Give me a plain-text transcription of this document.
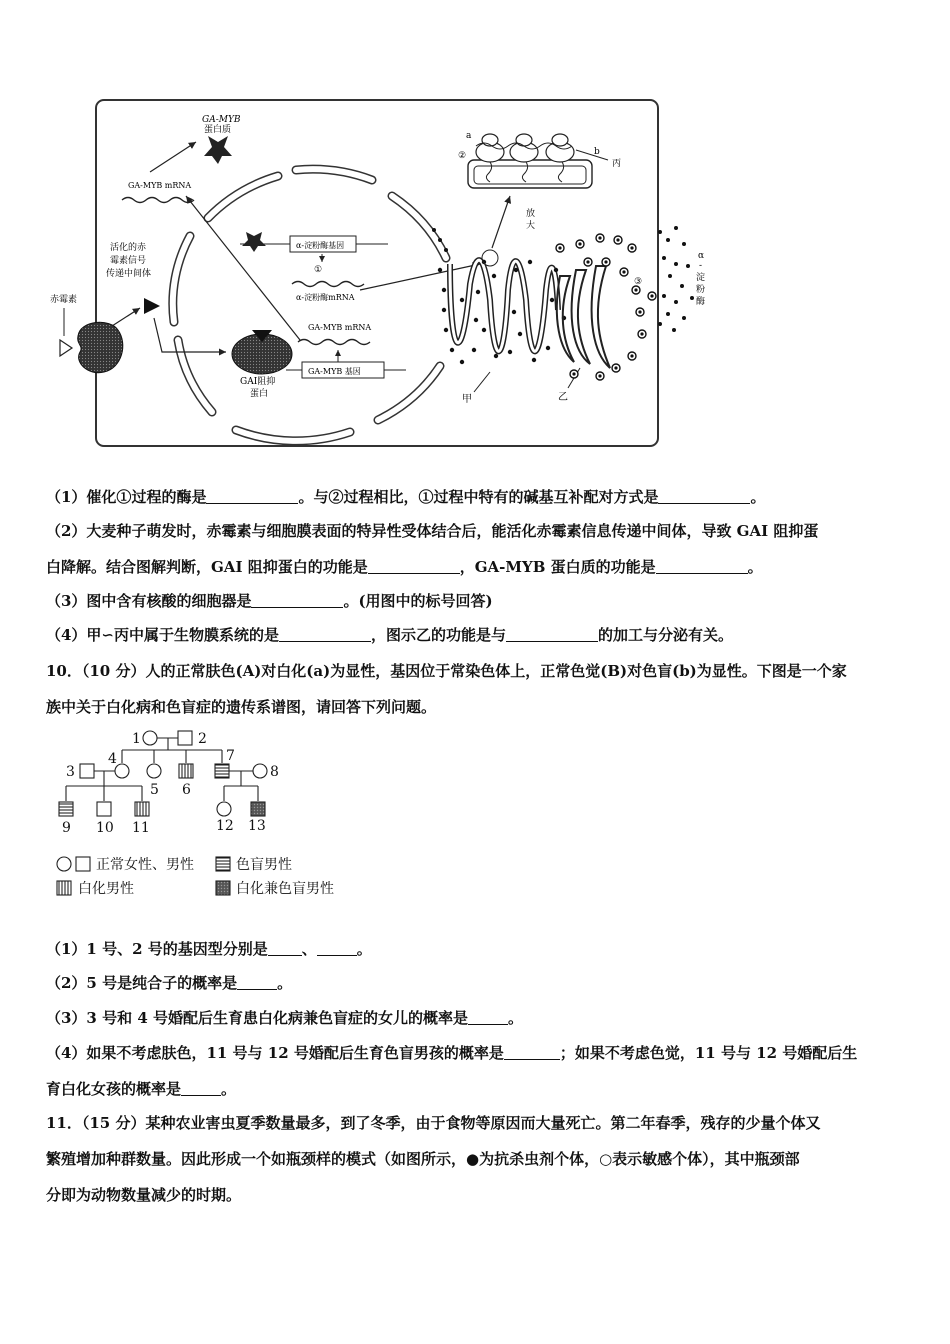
GA-MYB
蛋白质
GA-MYB mRNA
活化的赤
霉素信号
传递中间体
赤霉素
GAI阻抑
蛋白
α-淀粉酶基因
①
α-淀粉酶mRNA
GA-MYB mRNA
GA-MYB 基因
甲	乙
③
α
-
淀
粉
酶
放
大
a
b
②
丙
（1）催化①过程的酶是	。与②过程相比，①过程中特有的碱基互补配对方式是	。
（2）大麦种子萌发时，赤霉素与细胞膜表面的特异性受体结合后，能活化赤霉素信息传递中间体，导致 GAI 阻抑蛋
白降解。结合图解判断，GAI 阻抑蛋白的功能是	，GA-MYB 蛋白质的功能是	。
（3）图中含有核酸的细胞器是	。(用图中的标号回答)
（4）甲∽丙中属于生物膜系统的是	，图示乙的功能是与	的加工与分泌有关。
10．（10 分）人的正常肤色(A)对白化(a)为显性，基因位于常染色体上，正常色觉(B)对色盲(b)为显性。下图是一个家
族中关于白化病和色盲症的遗传系谱图，请回答下列问题。
1	2
3
4
5 6
7
8
9 10 11	12 13
正常女性、男性	色盲男性
白化男性	白化兼色盲男性
（1）1 号、2 号的基因型分别是 、	。
（2）5 号是纯合子的概率是	。
（3）3 号和 4 号婚配后生育患白化病兼色盲症的女儿的概率是	。
（4）如果不考虑肤色，11 号与 12 号婚配后生育色盲男孩的概率是	；如果不考虑色觉，11 号与 12 号婚配后生
育白化女孩的概率是	。
11．（15 分）某种农业害虫夏季数量最多，到了冬季，由于食物等原因而大量死亡。第二年春季，残存的少量个体又
繁殖增加种群数量。因此形成一个如瓶颈样的模式（如图所示，●为抗杀虫剂个体，○表示敏感个体），其中瓶颈部
分即为动物数量减少的时期。
